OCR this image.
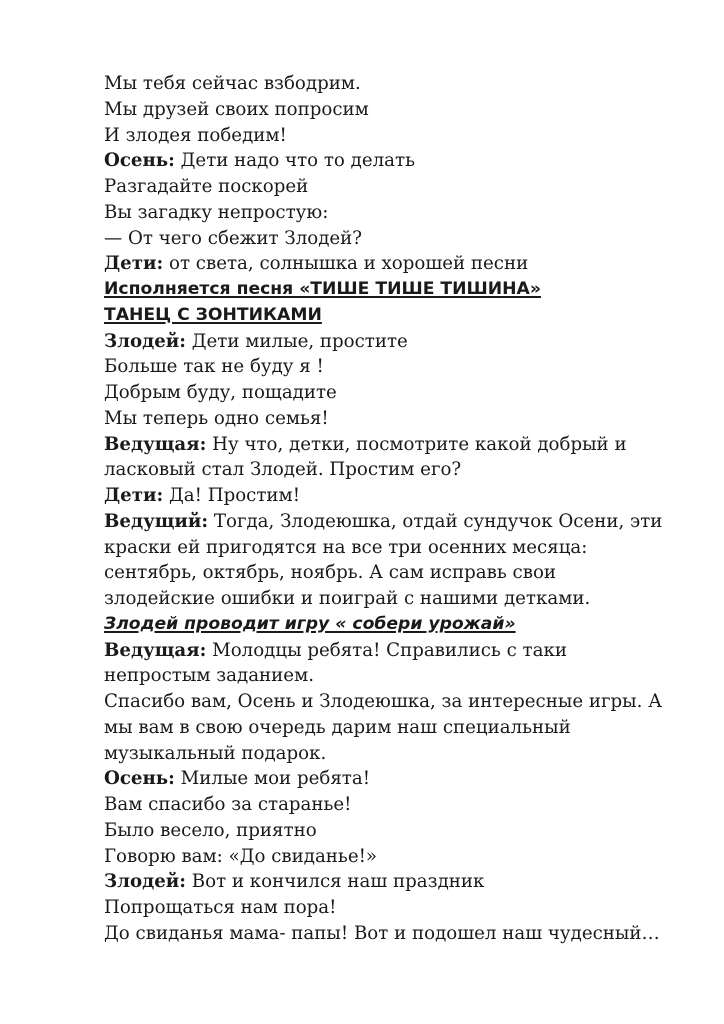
Мы тебя сейчас взбодрим.
Мы друзей своих попросим
И злодея победим!
Осень: Дети надо что то делать
Разгадайте поскорей
Вы загадку непростую:
— От чего сбежит Злодей?
Дети: от света, солнышка и хорошей песни
Исполняется песня «ТИШЕ ТИШЕ ТИШИНА»
ТАНЕЦ С ЗОНТИКАМИ
Злодей: Дети милые, простите
Больше так не буду я !
Добрым буду, пощадите
Мы теперь одно семья!
Ведущая: Ну что, детки, посмотрите какой добрый и
ласковый стал Злодей. Простим его?
Дети: Да! Простим!
Ведущий: Тогда, Злодеюшка, отдай сундучок Осени, эти
краски ей пригодятся на все три осенних месяца:
сентябрь, октябрь, ноябрь. А сам исправь свои
злодейские ошибки и поиграй с нашими детками.
Злодей проводит игру « собери урожай»
Ведущая: Молодцы ребята! Справились с таки
непростым заданием.
Спасибо вам, Осень и Злодеюшка, за интересные игры. А
мы вам в свою очередь дарим наш специальный
музыкальный подарок.
Осень: Милые мои ребята!
Вам спасибо за старанье!
Было весело, приятно
Говорю вам: «До свиданье!»
Злодей: Вот и кончился наш праздник
Попрощаться нам пора!
До свиданья мама- папы! Вот и подошел наш чудесный…
